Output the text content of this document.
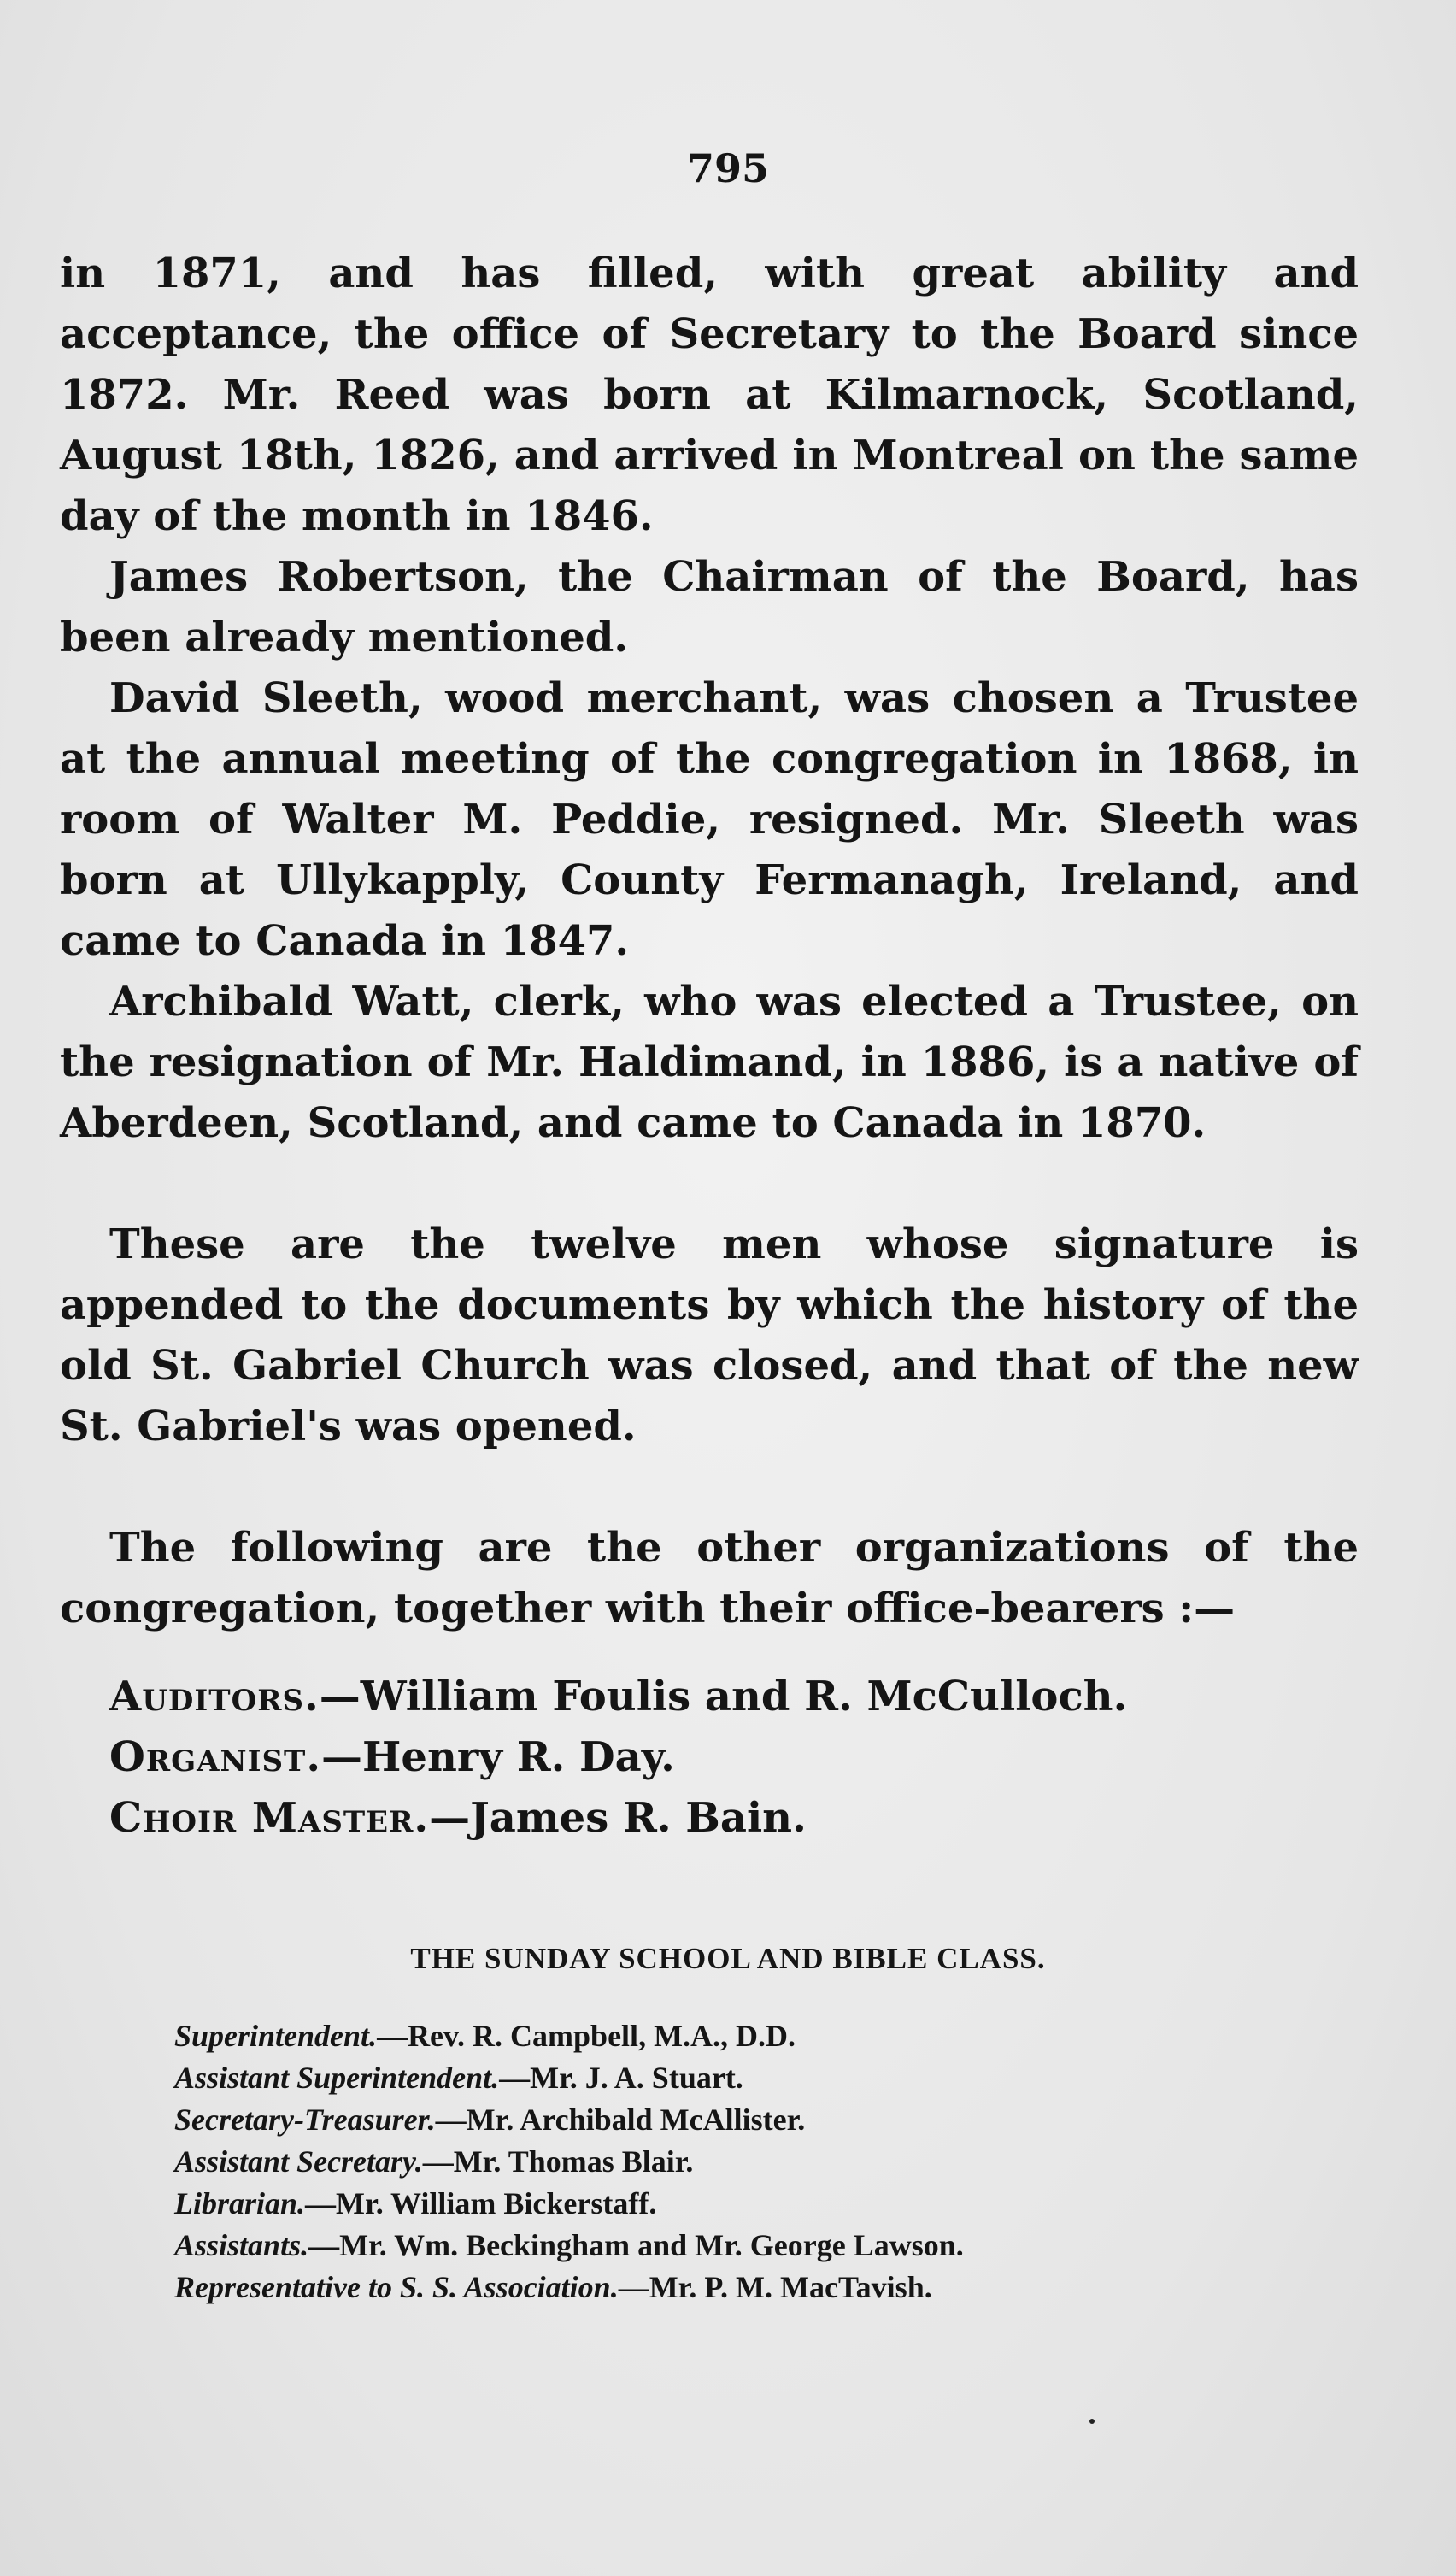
795

in 1871, and has filled, with great ability and acceptance, the office of Secretary to the Board since 1872. Mr. Reed was born at Kilmarnock, Scotland, August 18th, 1826, and arrived in Montreal on the same day of the month in 1846.

James Robertson, the Chairman of the Board, has been already mentioned.

David Sleeth, wood merchant, was chosen a Trustee at the annual meeting of the congregation in 1868, in room of Walter M. Peddie, resigned. Mr. Sleeth was born at Ullykapply, County Fermanagh, Ireland, and came to Canada in 1847.

Archibald Watt, clerk, who was elected a Trustee, on the resignation of Mr. Haldimand, in 1886, is a native of Aberdeen, Scotland, and came to Canada in 1870.

These are the twelve men whose signature is appended to the documents by which the history of the old St. Gabriel Church was closed, and that of the new St. Gabriel's was opened.

The following are the other organizations of the congregation, together with their office-bearers :—

Auditors.—William Foulis and R. McCulloch.

Organist.—Henry R. Day.

Choir Master.—James R. Bain.

THE SUNDAY SCHOOL AND BIBLE CLASS.

Superintendent.—Rev. R. Campbell, M.A., D.D.

Assistant Superintendent.—Mr. J. A. Stuart.

Secretary-Treasurer.—Mr. Archibald McAllister.

Assistant Secretary.—Mr. Thomas Blair.

Librarian.—Mr. William Bickerstaff.

Assistants.—Mr. Wm. Beckingham and Mr. George Lawson.

Representative to S. S. Association.—Mr. P. M. MacTavish.
